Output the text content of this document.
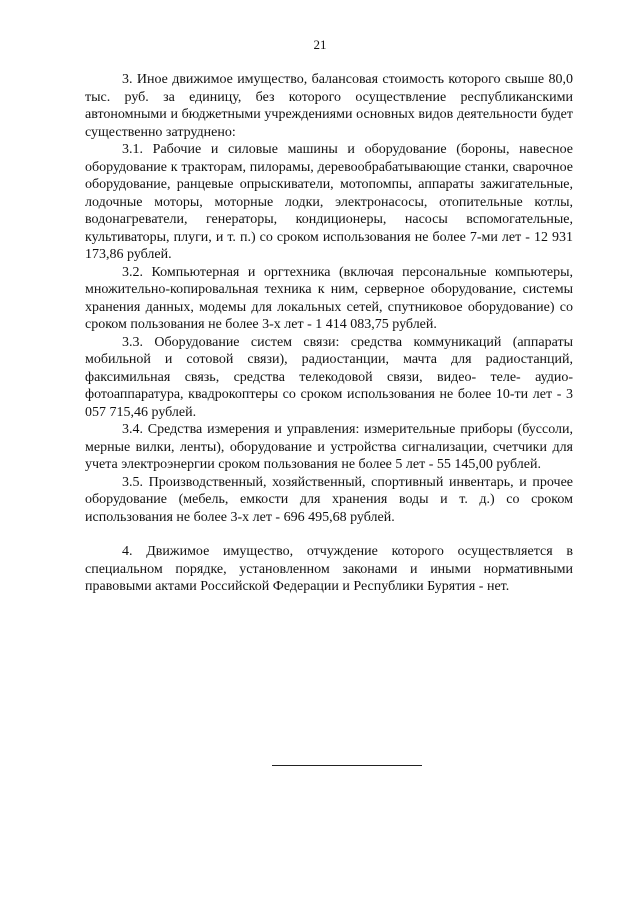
21

3. Иное движимое имущество, балансовая стоимость которого свыше 80,0 тыс. руб. за единицу, без которого осуществление республиканскими автономными и бюджетными учреждениями основных видов деятельности будет существенно затруднено:

3.1. Рабочие и силовые машины и оборудование (бороны, навесное оборудование к тракторам, пилорамы, деревообрабатывающие станки, сварочное оборудование, ранцевые опрыскиватели, мотопомпы, аппараты зажигательные, лодочные моторы, моторные лодки, электронасосы, отопительные котлы, водонагреватели, генераторы, кондиционеры, насосы вспомогательные, культиваторы, плуги, и т. п.) со сроком использования не более 7-ми лет - 12 931 173,86 рублей.

3.2. Компьютерная и оргтехника (включая персональные компьютеры, множительно-копировальная техника к ним, серверное оборудование, системы хранения данных, модемы для локальных сетей, спутниковое оборудование) со сроком пользования не более 3-х лет - 1 414 083,75 рублей.

3.3. Оборудование систем связи: средства коммуникаций (аппараты мобильной и сотовой связи), радиостанции, мачта для радиостанций, факсимильная связь, средства телекодовой связи, видео- теле- аудио- фотоаппаратура, квадрокоптеры со сроком использования не более 10-ти лет - 3 057 715,46 рублей.

3.4. Средства измерения и управления: измерительные приборы (буссоли, мерные вилки, ленты), оборудование и устройства сигнализации, счетчики для учета электроэнергии сроком пользования не более 5 лет - 55 145,00 рублей.

3.5. Производственный, хозяйственный, спортивный инвентарь, и прочее оборудование (мебель, емкости для хранения воды и т. д.) со сроком использования не более 3-х лет - 696 495,68 рублей.

4. Движимое имущество, отчуждение которого осуществляется в специальном порядке, установленном законами и иными нормативными правовыми актами Российской Федерации и Республики Бурятия - нет.
